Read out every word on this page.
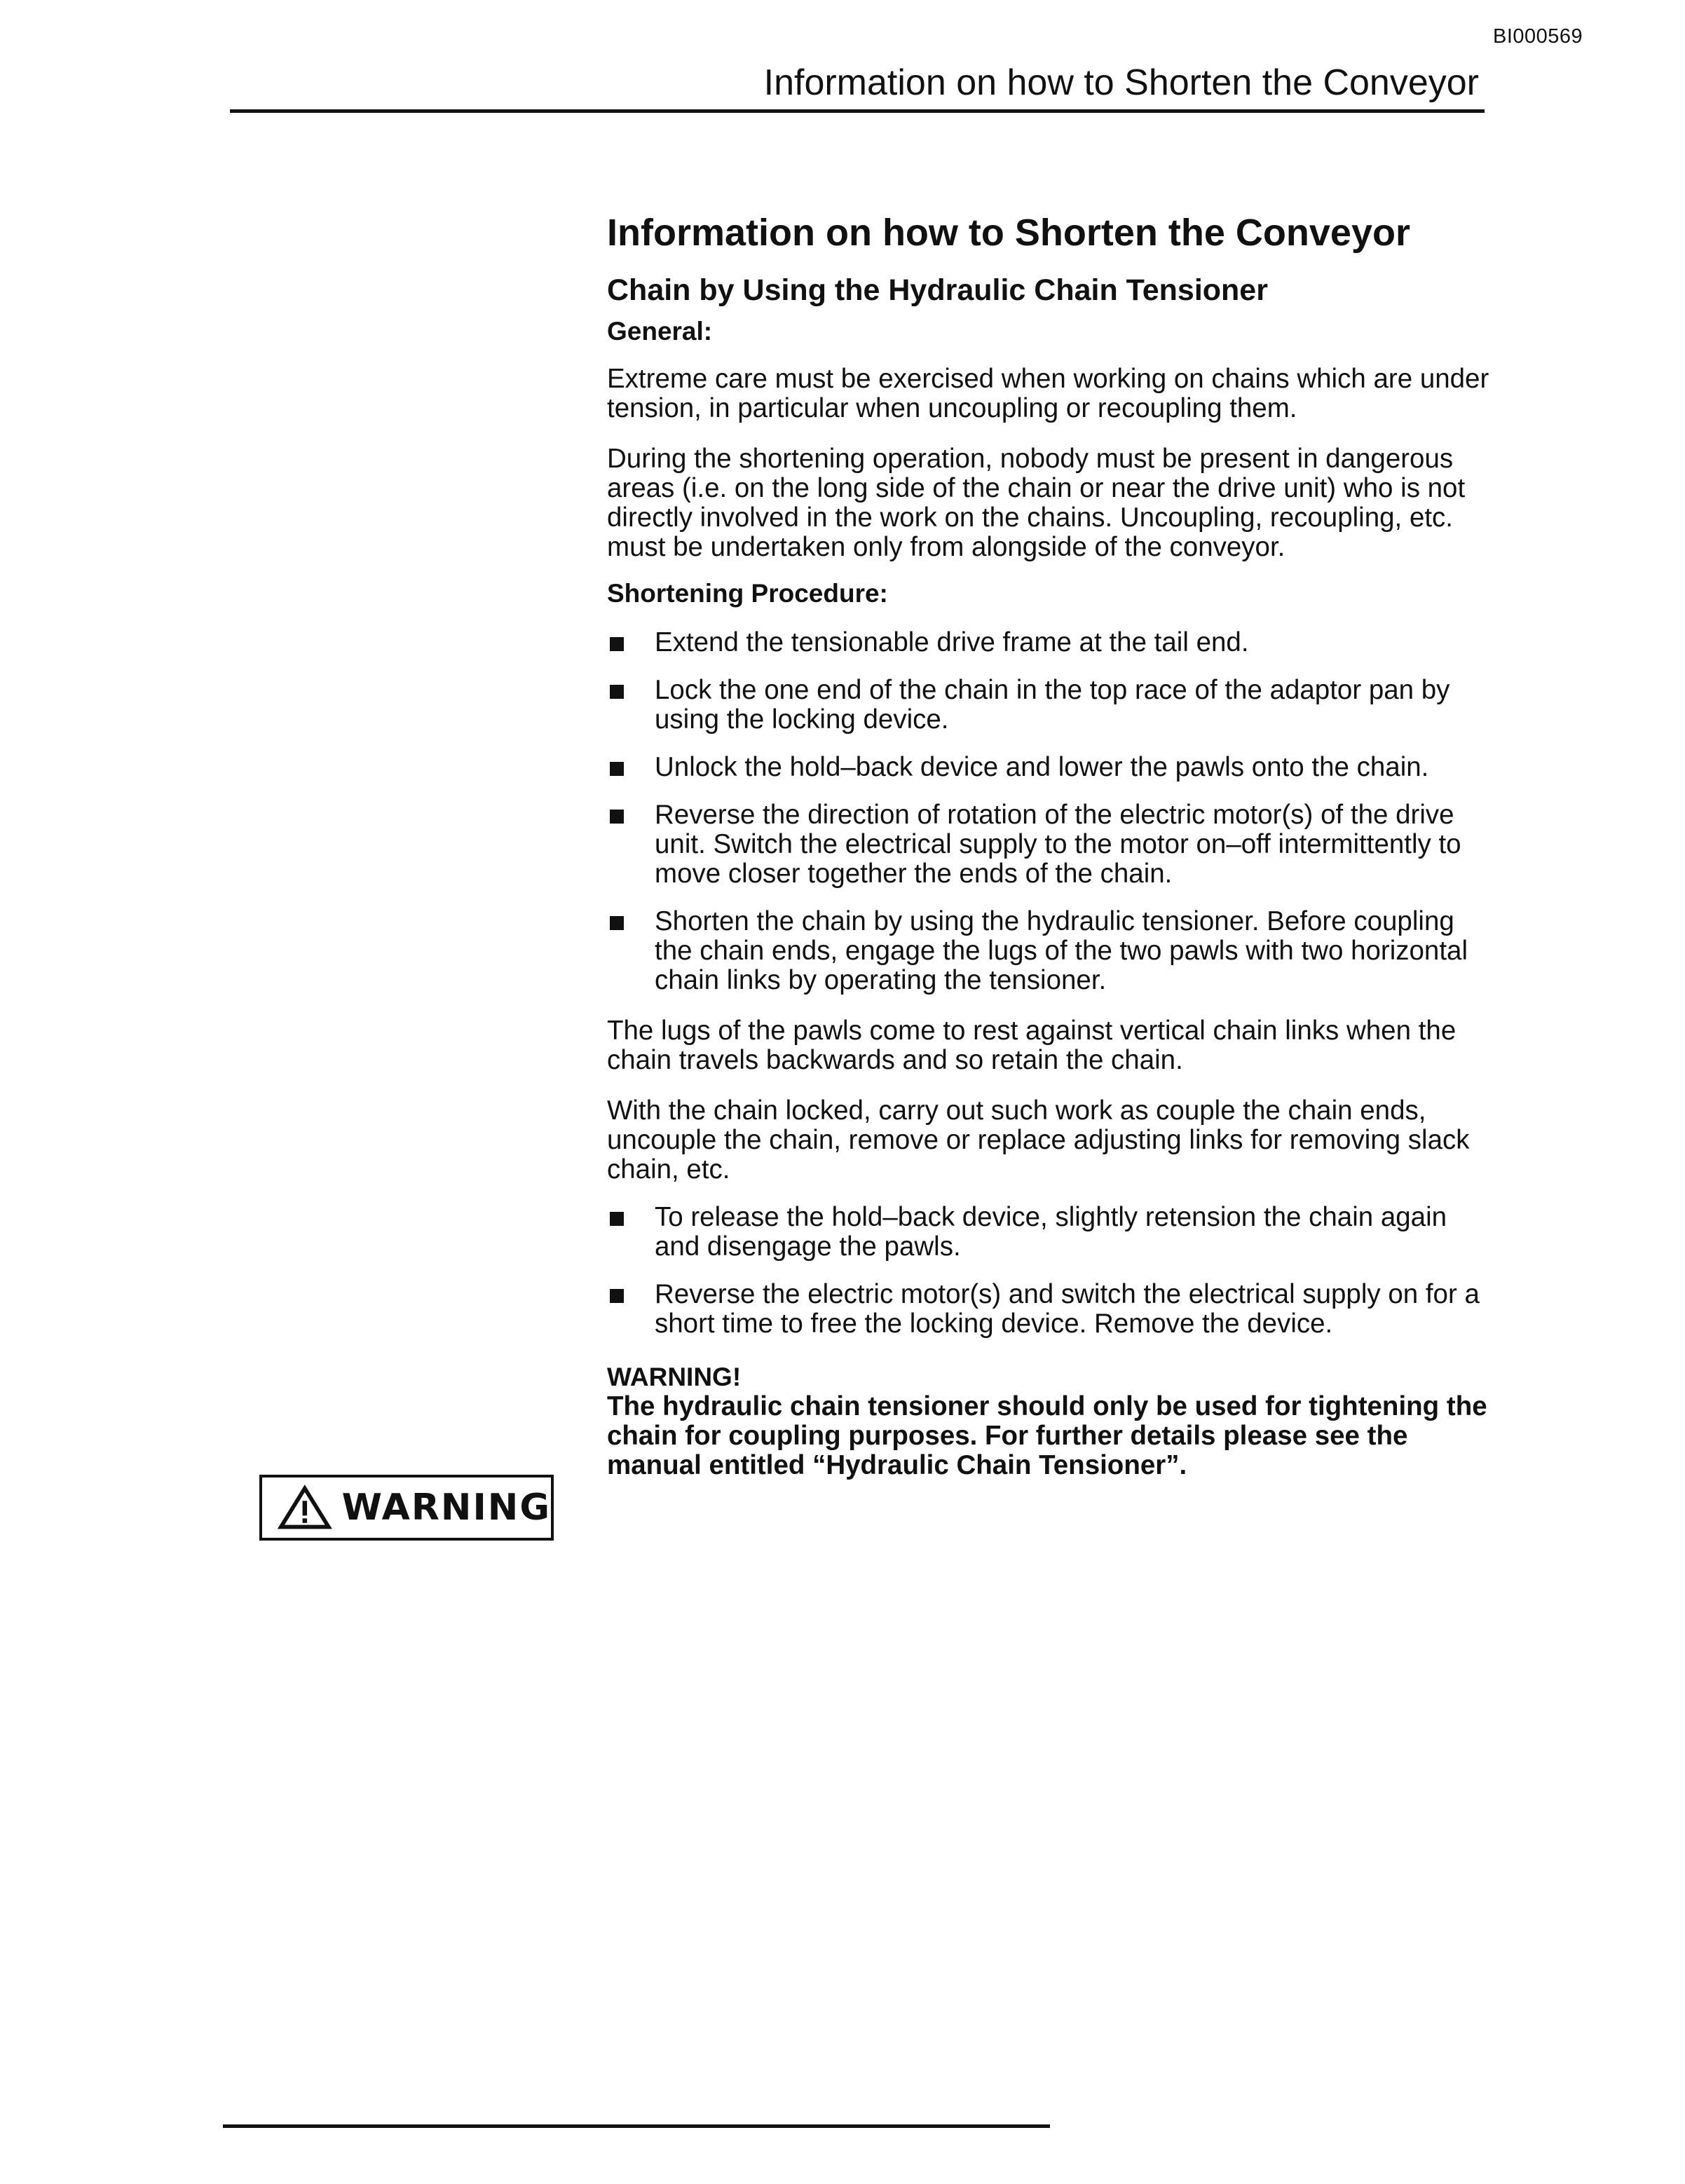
BI000569
Information on how to Shorten the Conveyor
WARNING
Information on how to Shorten the Conveyor
Chain by Using the Hydraulic Chain Tensioner
General:

Extreme care must be exercised when working on chains which are under tension, in particular when uncoupling or recoupling them.

During the shortening operation, nobody must be present in dangerous areas (i.e. on the long side of the chain or near the drive unit) who is not directly involved in the work on the chains. Uncoupling, recoupling, etc. must be undertaken only from alongside of the conveyor.

Shortening Procedure:
Extend the tensionable drive frame at the tail end.
Lock the one end of the chain in the top race of the adaptor pan by using the locking device.
Unlock the hold–back device and lower the pawls onto the chain.
Reverse the direction of rotation of the electric motor(s) of the drive unit. Switch the electrical supply to the motor on–off intermittently to move closer together the ends of the chain.
Shorten the chain by using the hydraulic tensioner. Before coupling the chain ends, engage the lugs of the two pawls with two horizontal chain links by operating the tensioner.

The lugs of the pawls come to rest against vertical chain links when the chain travels backwards and so retain the chain.

With the chain locked, carry out such work as couple the chain ends, uncouple the chain, remove or replace adjusting links for removing slack chain, etc.

To release the hold–back device, slightly retension the chain again and disengage the pawls.
Reverse the electric motor(s) and switch the electrical supply on for a short time to free the locking device. Remove the device.

WARNING!

The hydraulic chain tensioner should only be used for tightening the chain for coupling purposes. For further details please see the manual entitled “Hydraulic Chain Tensioner”.
